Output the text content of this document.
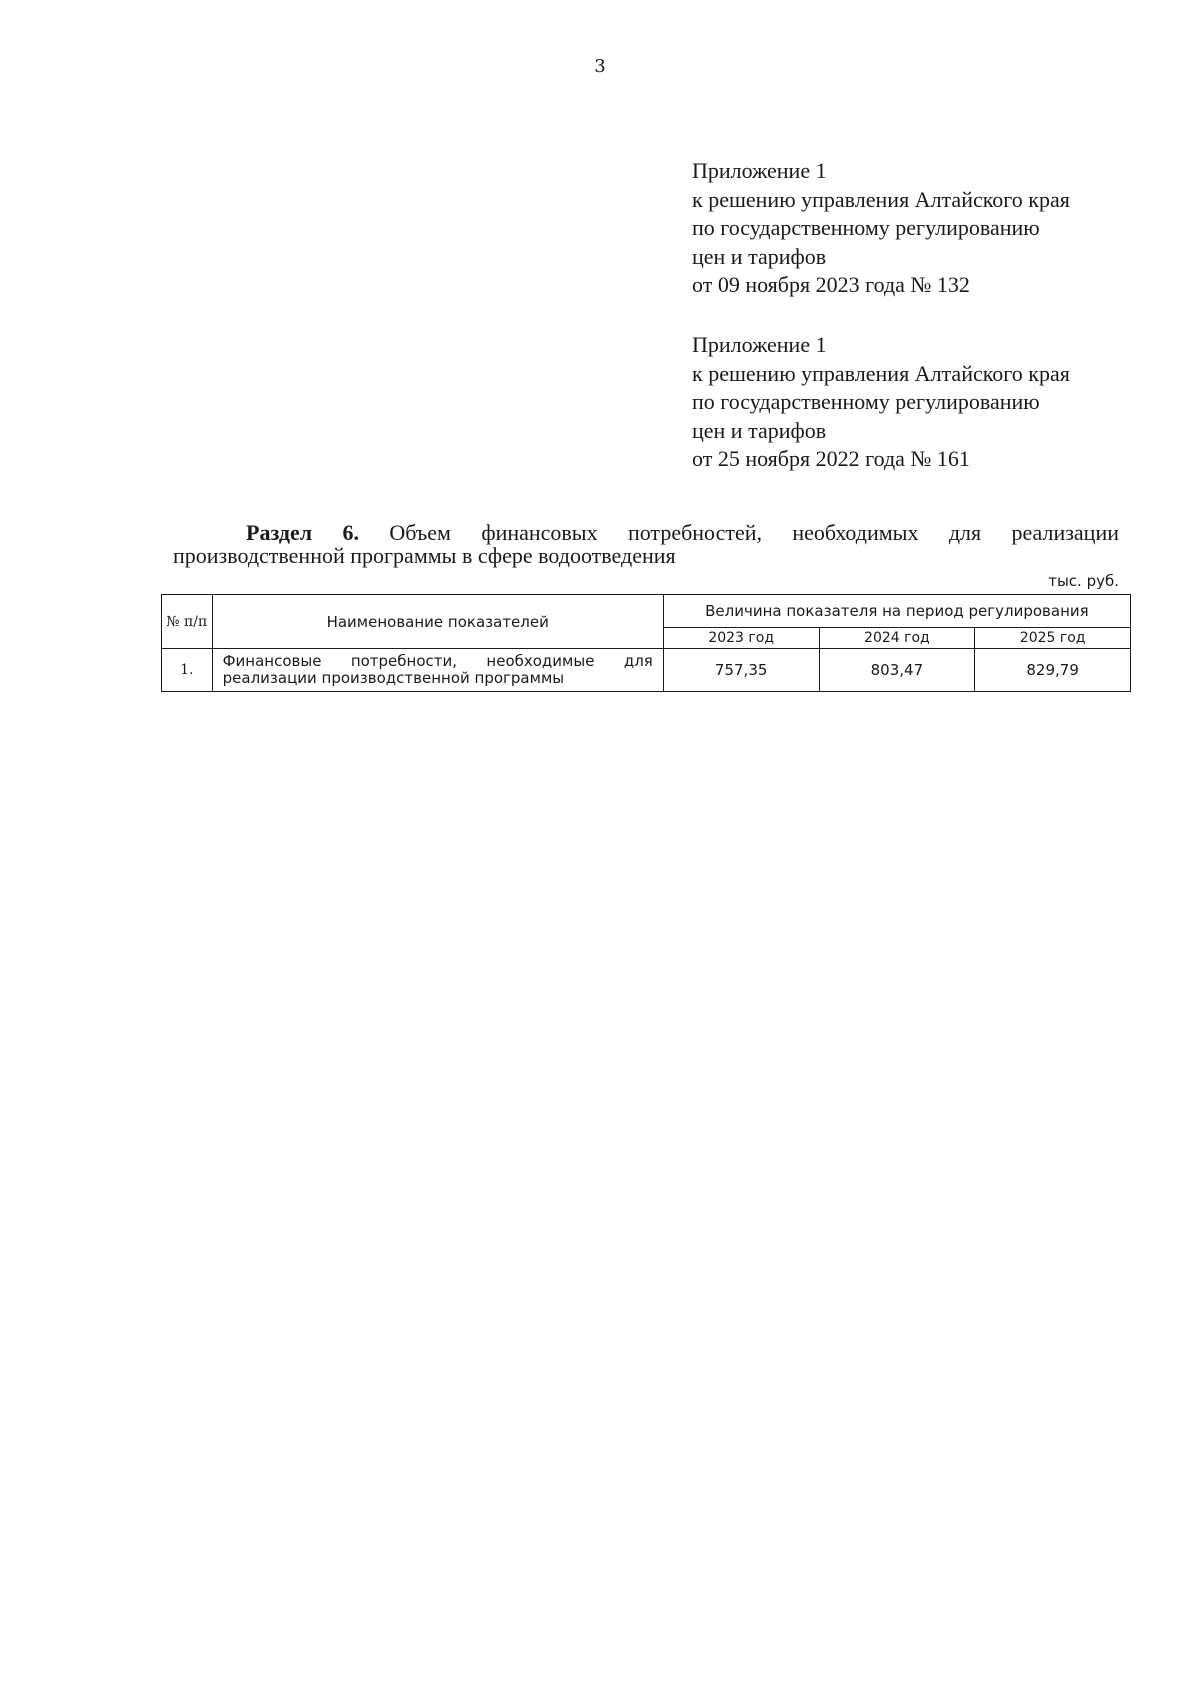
3
Приложение 1
к решению управления Алтайского края
по государственному регулированию
цен и тарифов
от 09 ноября 2023 года № 132
Приложение 1
к решению управления Алтайского края
по государственному регулированию
цен и тарифов
от 25 ноября 2022 года № 161
Раздел 6. Объем финансовых потребностей, необходимых для реализации производственной программы в сфере водоотведения
тыс. руб.
№ п/п	Наименование показателей	Величина показателя на период регулирования		
		2023 год	2024 год	2025 год
1.	Финансовые потребности, необходимые для реализации производственной программы	757,35	803,47	829,79
